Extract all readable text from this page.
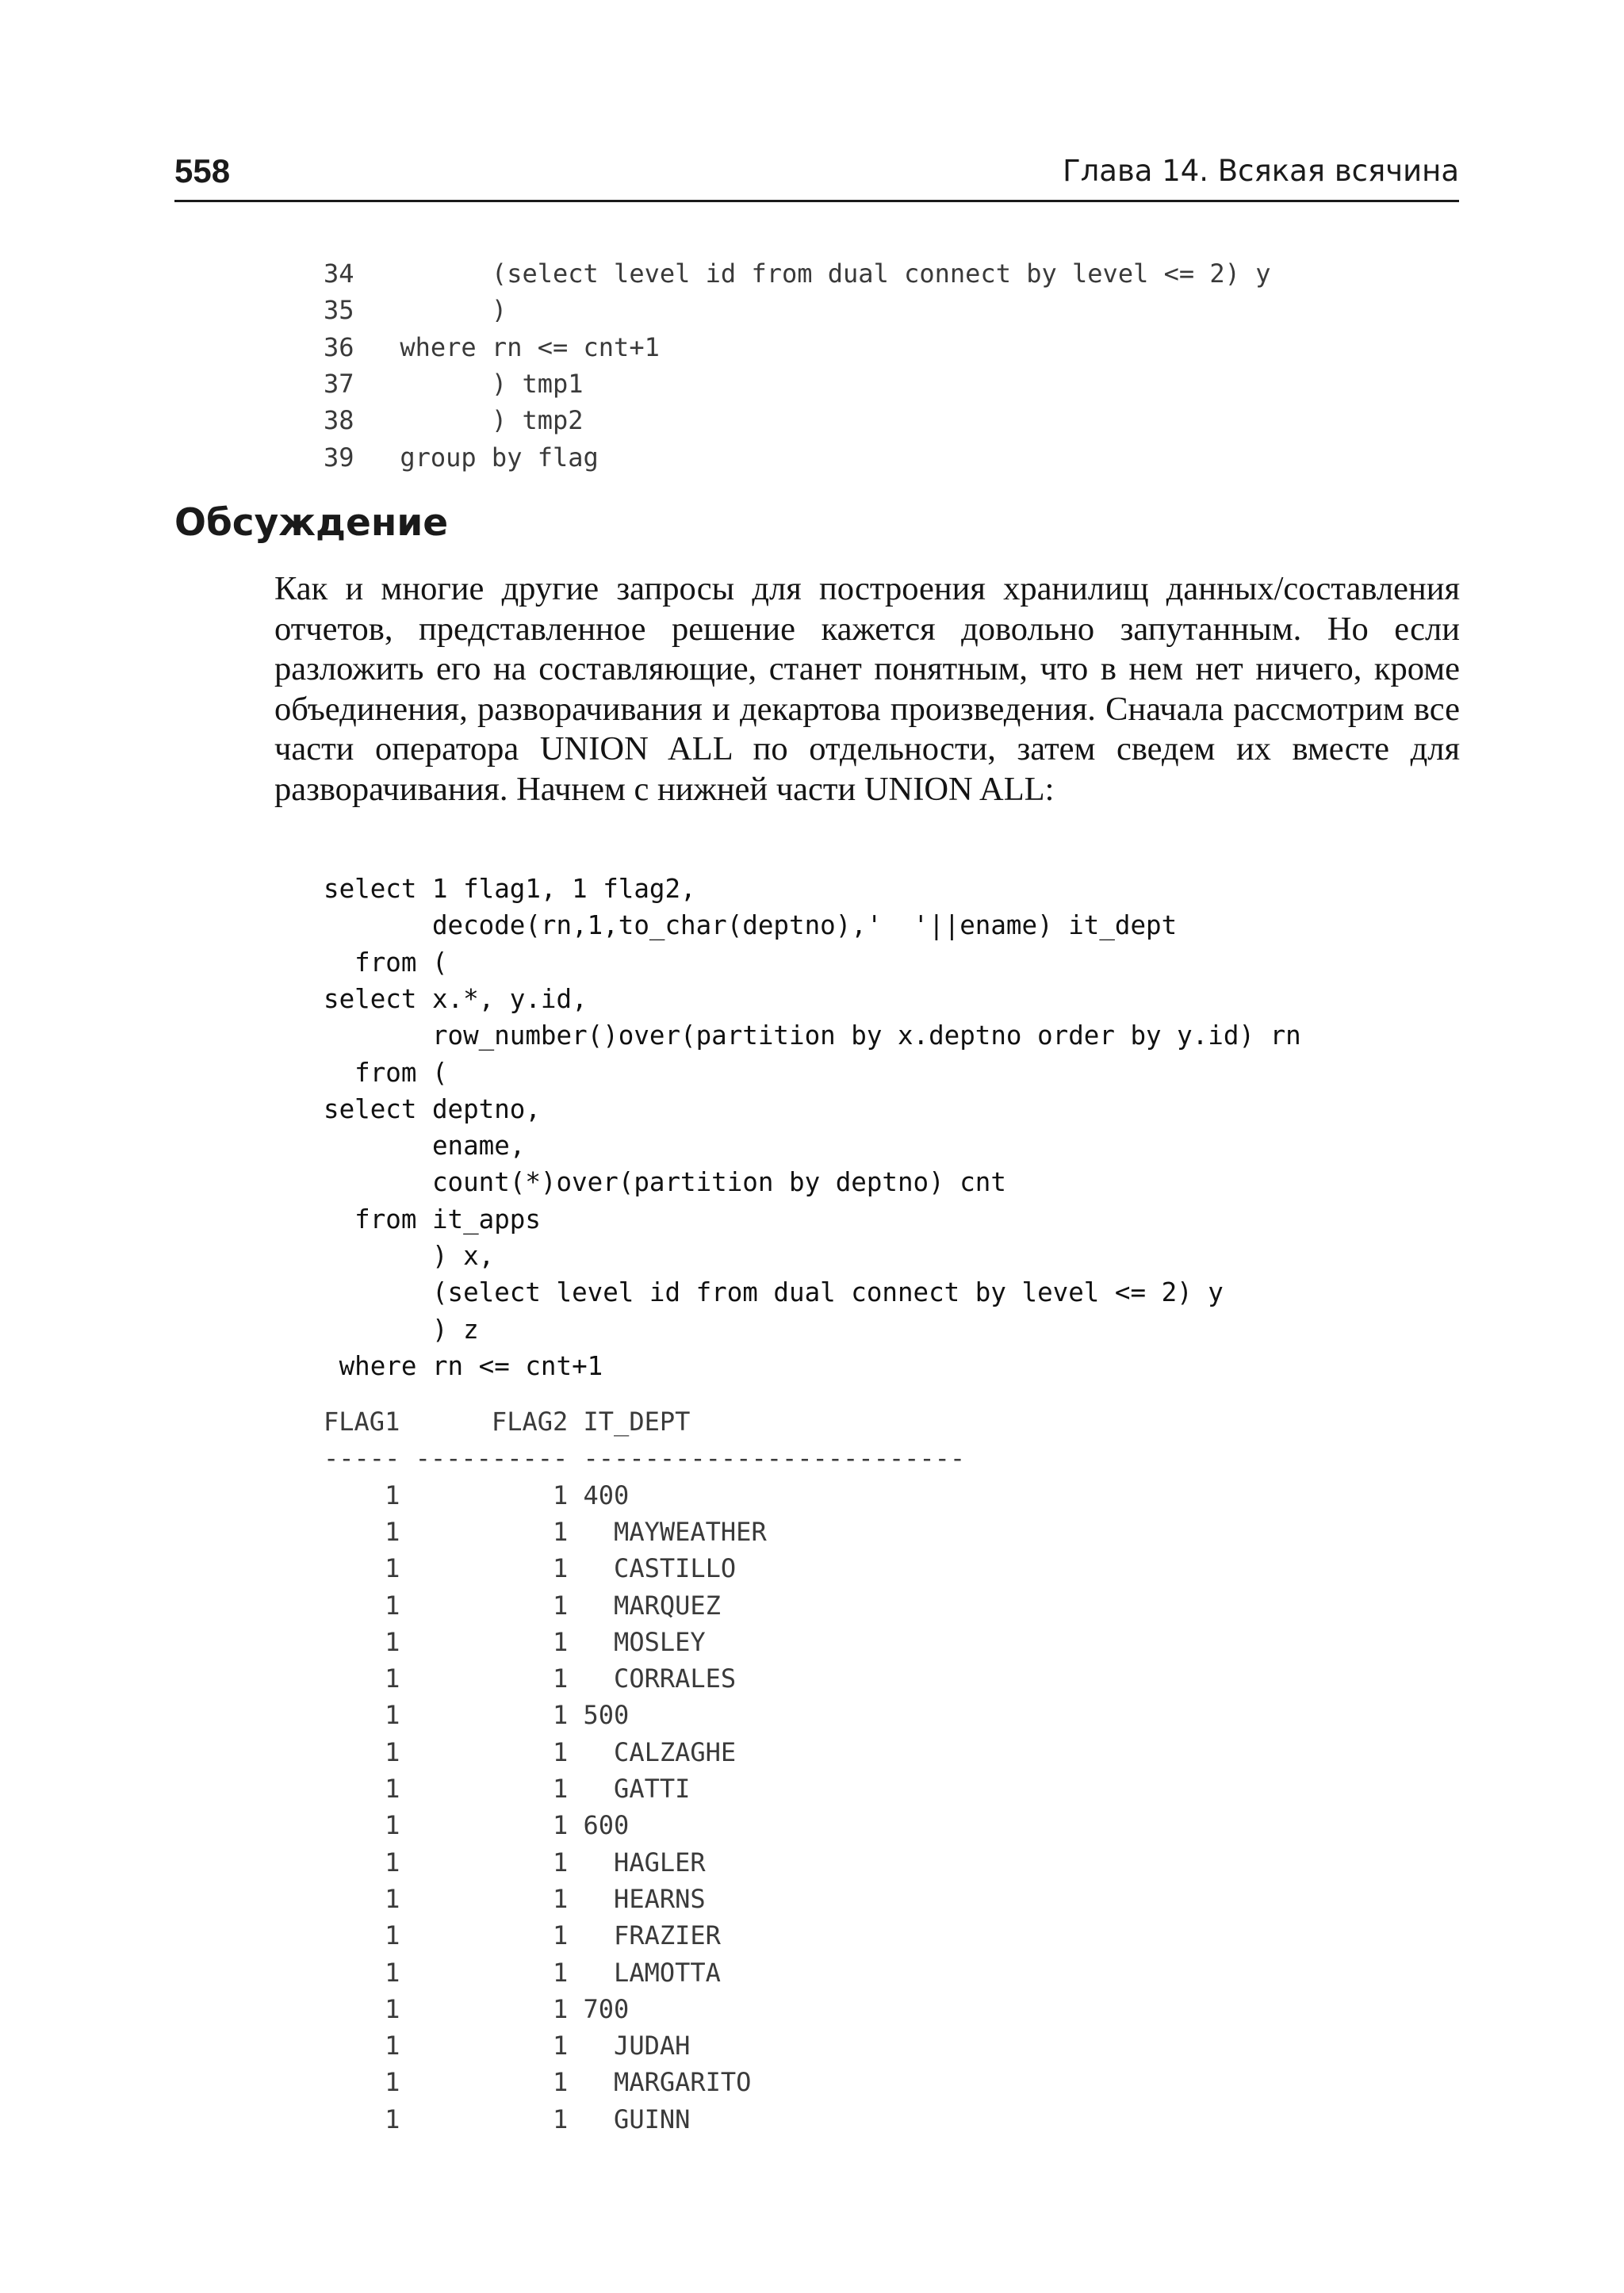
558	Глава 14. Всякая всячина
34         (select level id from dual connect by level <= 2) y
35         )
36   where rn <= cnt+1
37         ) tmp1
38         ) tmp2
39   group by flag
Обсуждение

Как и многие другие запросы для построения хранилищ данных/составления отчетов, представленное решение кажется довольно запутанным. Но если разложить его на составляющие, станет понятным, что в нем нет ничего, кроме объединения, разворачивания и декартова произведения. Сначала рассмотрим все части оператора UNION ALL по отдельности, затем сведем их вместе для разворачивания. Начнем с нижней части UNION ALL:

select 1 flag1, 1 flag2,
decode(rn,1,to_char(deptno),'  '||ename) it_dept
from (
select x.*, y.id,
row_number()over(partition by x.deptno order by y.id) rn
from (
select deptno,
ename,
count(*)over(partition by deptno) cnt
from it_apps
) x,
(select level id from dual connect by level <= 2) y
) z
where rn <= cnt+1
FLAG1      FLAG2 IT_DEPT
----- ---------- -------------------------
1          1 400
1          1   MAYWEATHER
1          1   CASTILLO
1          1   MARQUEZ
1          1   MOSLEY
1          1   CORRALES
1          1 500
1          1   CALZAGHE
1          1   GATTI
1          1 600
1          1   HAGLER
1          1   HEARNS
1          1   FRAZIER
1          1   LAMOTTA
1          1 700
1          1   JUDAH
1          1   MARGARITO
1          1   GUINN
